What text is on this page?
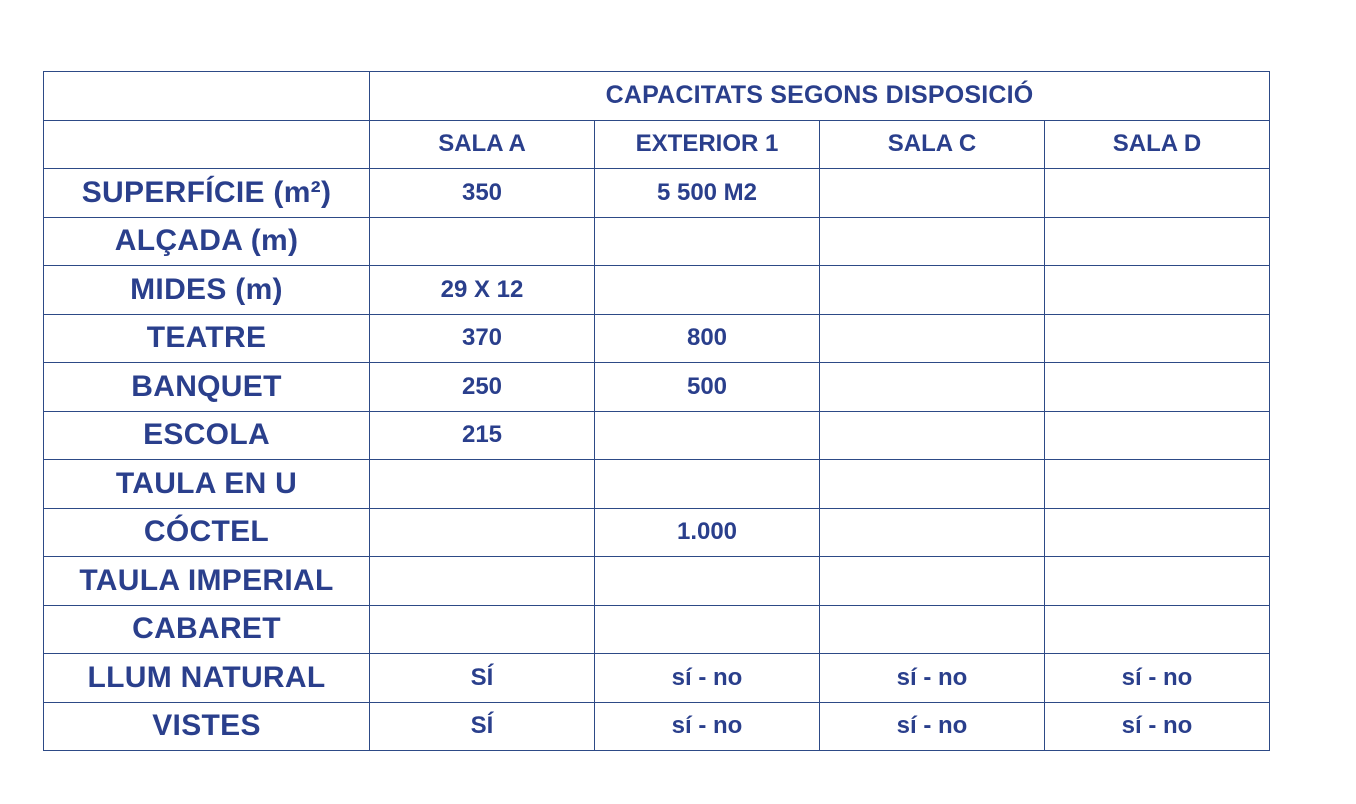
	CAPACITATS SEGONS DISPOSICIÓ			
	SALA A	EXTERIOR 1	SALA C	SALA D
SUPERFÍCIE (m²)	350	5 500 M2		
ALÇADA (m)				
MIDES (m)	29 X 12			
TEATRE	370	800		
BANQUET	250	500		
ESCOLA	215			
TAULA EN U				
CÓCTEL		1.000		
TAULA IMPERIAL				
CABARET				
LLUM NATURAL	SÍ	sí - no	sí - no	sí - no
VISTES	SÍ	sí - no	sí - no	sí - no
